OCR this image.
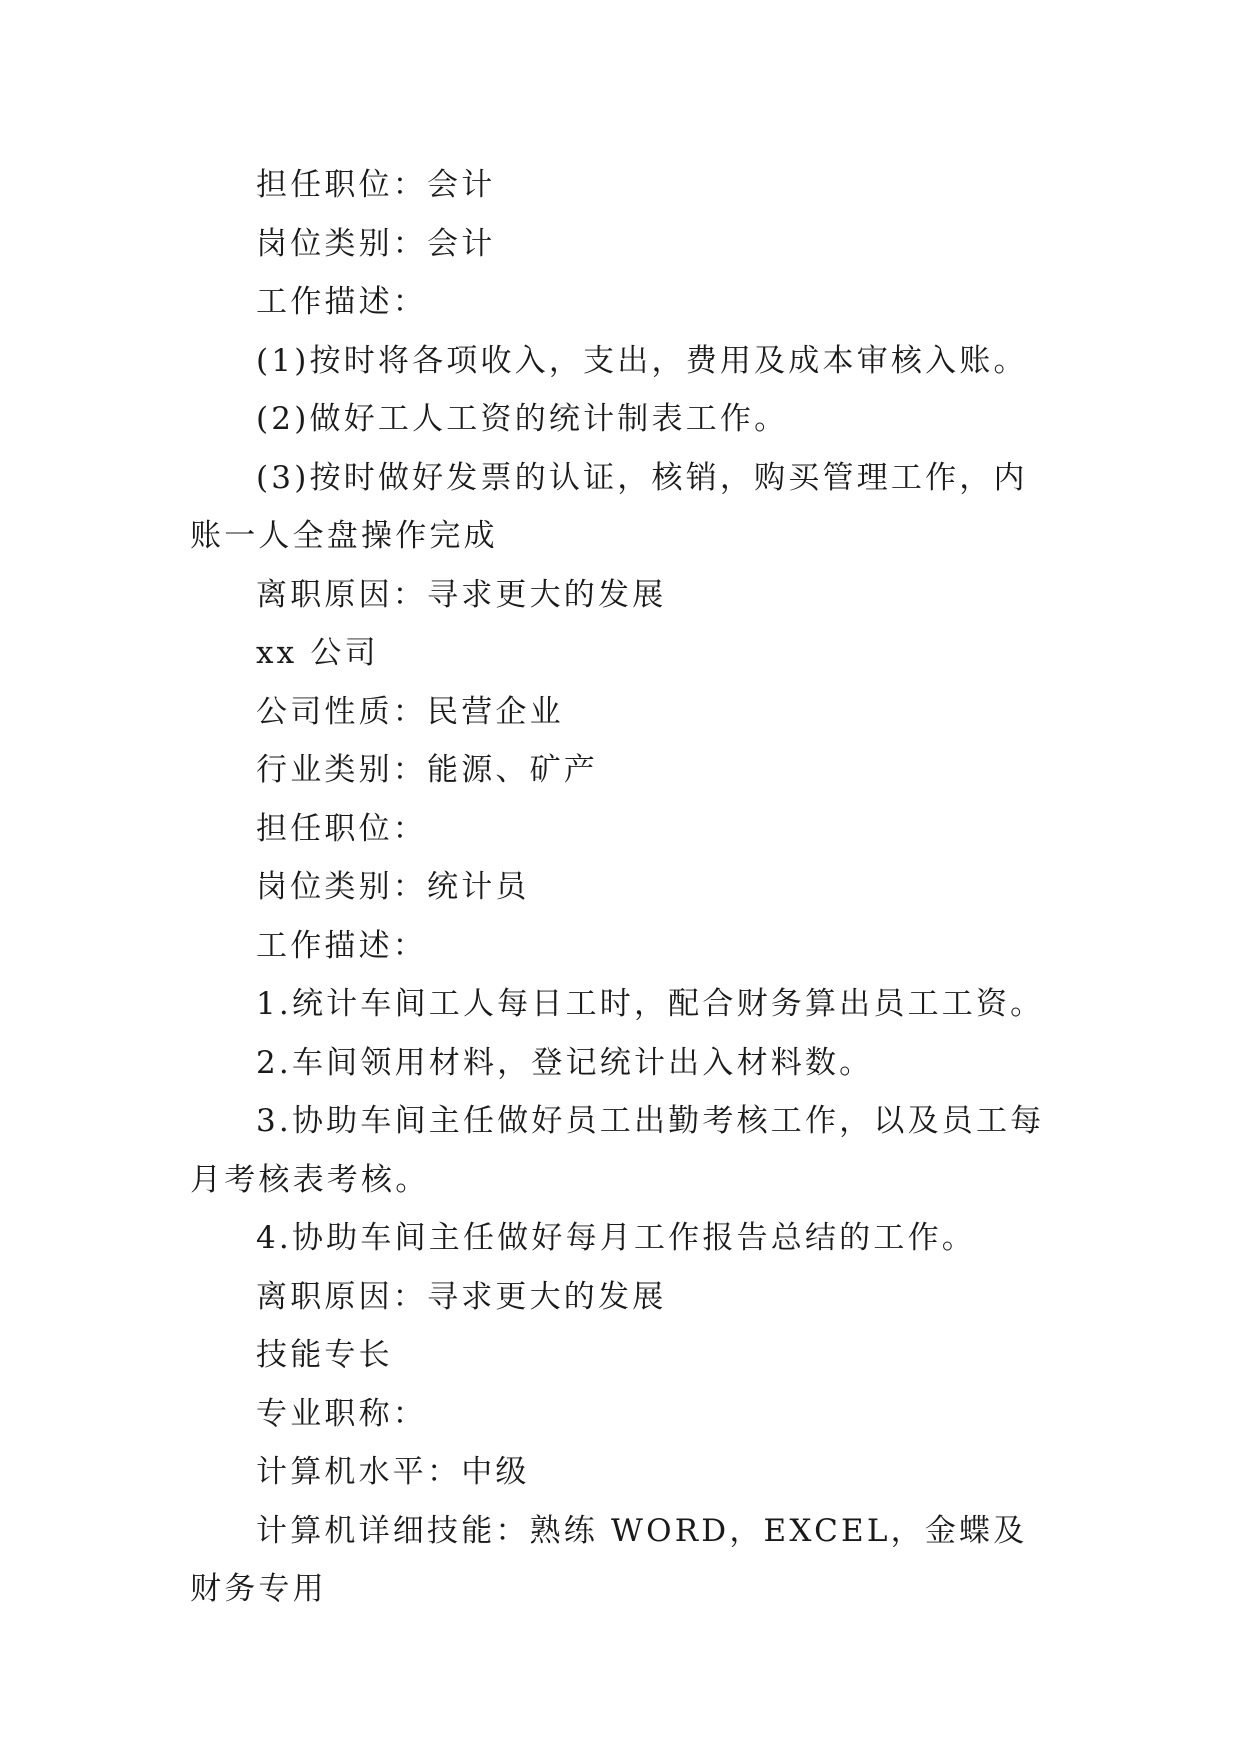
担任职位：会计

岗位类别：会计

工作描述：

(1)按时将各项收入，支出，费用及成本审核入账。

(2)做好工人工资的统计制表工作。

(3)按时做好发票的认证，核销，购买管理工作，内账一人全盘操作完成

离职原因：寻求更大的发展

xx 公司

公司性质：民营企业

行业类别：能源、矿产

担任职位：

岗位类别：统计员

工作描述：

1.统计车间工人每日工时，配合财务算出员工工资。

2.车间领用材料，登记统计出入材料数。

3.协助车间主任做好员工出勤考核工作，以及员工每月考核表考核。

4.协助车间主任做好每月工作报告总结的工作。

离职原因：寻求更大的发展

技能专长

专业职称：

计算机水平：中级

计算机详细技能：熟练 WORD，EXCEL，金蝶及财务专用
